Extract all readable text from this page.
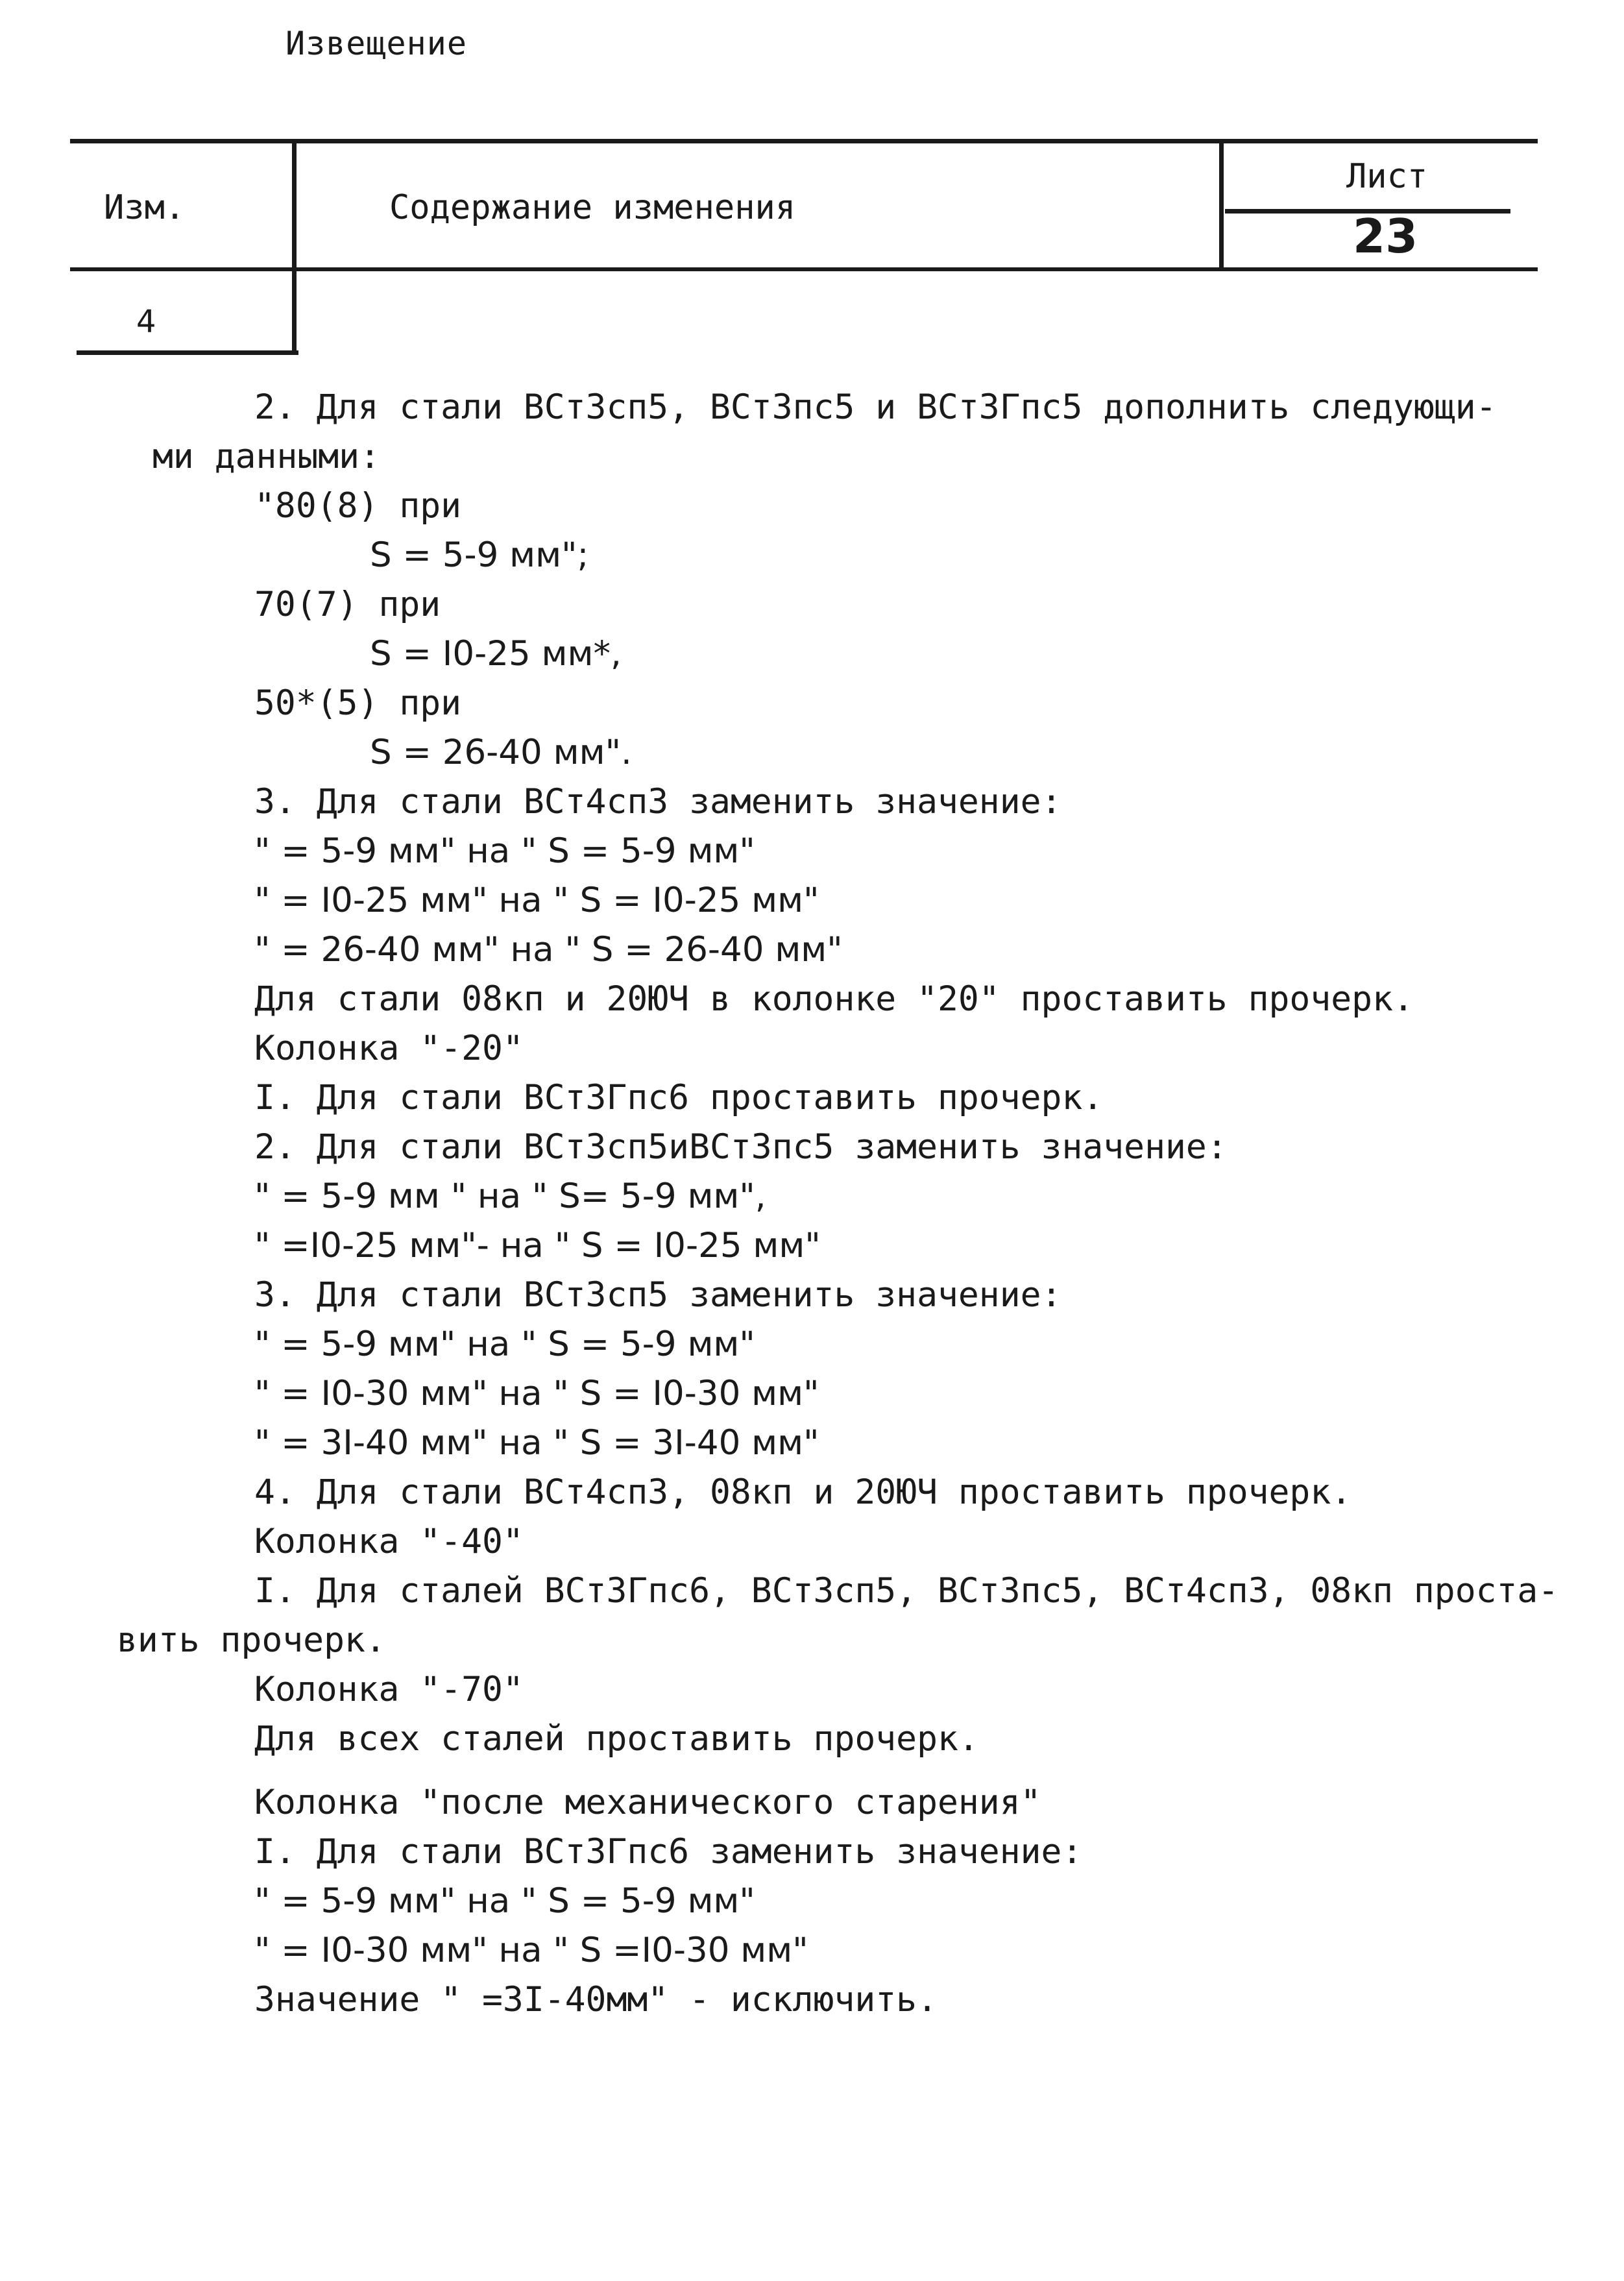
Извещение
Изм.	Содержание изменения
Лист
23
4
2. Для стали ВСт3сп5, ВСт3пс5 и ВСт3Гпс5 дополнить следующи-
ми данными:
"80(8) при
S = 5-9 мм";
70(7) при
S = I0-25 мм*,
50*(5) при
S = 26-40 мм".
3. Для стали ВСт4сп3 заменить значение:
" = 5-9 мм" на " S = 5-9 мм"
" = I0-25 мм" на " S = I0-25 мм"
" = 26-40 мм" на " S = 26-40 мм"
Для стали 08кп и 20ЮЧ в колонке "20" проставить прочерк.
Колонка "-20"
I. Для стали ВСт3Гпс6 проставить прочерк.
2. Для стали ВСт3сп5иВСт3пс5 заменить значение:
" = 5-9 мм " на " S= 5-9 мм",
" =I0-25 мм"- на " S = I0-25 мм"
3. Для стали ВСт3сп5 заменить значение:
" = 5-9 мм" на " S = 5-9 мм"
" = I0-30 мм" на " S = I0-30 мм"
" = 3I-40 мм" на " S = 3I-40 мм"
4. Для стали ВСт4сп3, 08кп и 20ЮЧ проставить прочерк.
Колонка "-40"
I. Для сталей ВСт3Гпс6, ВСт3сп5, ВСт3пс5, ВСт4сп3, 08кп проста-
вить прочерк.
Колонка "-70"
Для всех сталей проставить прочерк.
Колонка "после механического старения"
I. Для стали ВСт3Гпс6 заменить значение:
" = 5-9 мм" на " S = 5-9 мм"
" = I0-30 мм" на " S =I0-30 мм"
Значение " =3I-40мм" - исключить.
